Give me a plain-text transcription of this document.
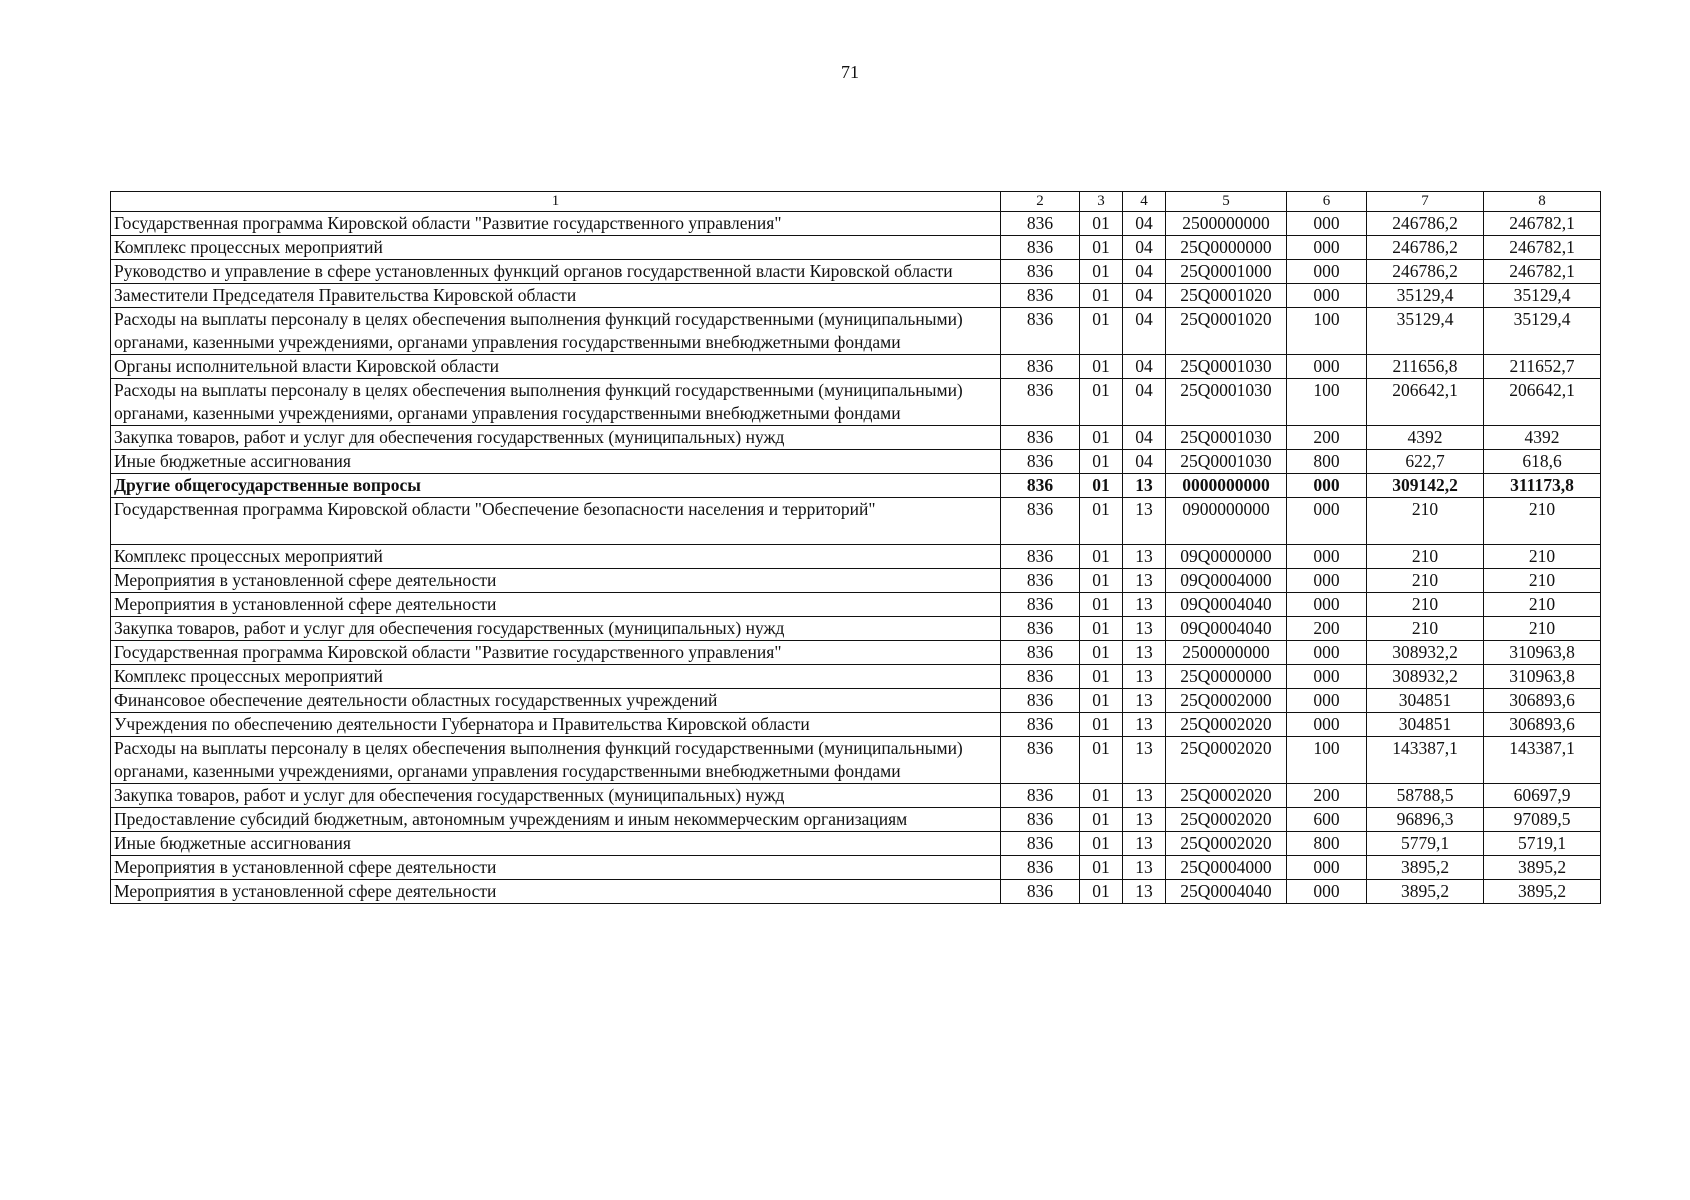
71
1	2	3	4	5	6	7	8
Государственная программа Кировской области "Развитие государственного управления"	836	01	04	2500000000	000	246786,2	246782,1
Комплекс процессных мероприятий	836	01	04	25Q0000000	000	246786,2	246782,1
Руководство и управление в сфере установленных функций органов государственной власти Кировской области	836	01	04	25Q0001000	000	246786,2	246782,1
Заместители Председателя Правительства Кировской области	836	01	04	25Q0001020	000	35129,4	35129,4
Расходы на выплаты персоналу в целях обеспечения выполнения функций государственными (муниципальными) органами, казенными учреждениями, органами управления государственными внебюджетными фондами	836	01	04	25Q0001020	100	35129,4	35129,4
Органы исполнительной власти Кировской области	836	01	04	25Q0001030	000	211656,8	211652,7
Расходы на выплаты персоналу в целях обеспечения выполнения функций государственными (муниципальными) органами, казенными учреждениями, органами управления государственными внебюджетными фондами	836	01	04	25Q0001030	100	206642,1	206642,1
Закупка товаров, работ и услуг для обеспечения государственных (муниципальных) нужд	836	01	04	25Q0001030	200	4392	4392
Иные бюджетные ассигнования	836	01	04	25Q0001030	800	622,7	618,6
Другие общегосударственные вопросы	836	01	13	0000000000	000	309142,2	311173,8
Государственная программа Кировской области "Обеспечение безопасности населения и территорий"	836	01	13	0900000000	000	210	210
Комплекс процессных мероприятий	836	01	13	09Q0000000	000	210	210
Мероприятия в установленной сфере деятельности	836	01	13	09Q0004000	000	210	210
Мероприятия в установленной сфере деятельности	836	01	13	09Q0004040	000	210	210
Закупка товаров, работ и услуг для обеспечения государственных (муниципальных) нужд	836	01	13	09Q0004040	200	210	210
Государственная программа Кировской области "Развитие государственного управления"	836	01	13	2500000000	000	308932,2	310963,8
Комплекс процессных мероприятий	836	01	13	25Q0000000	000	308932,2	310963,8
Финансовое обеспечение деятельности областных государственных учреждений	836	01	13	25Q0002000	000	304851	306893,6
Учреждения по обеспечению деятельности Губернатора и Правительства Кировской области	836	01	13	25Q0002020	000	304851	306893,6
Расходы на выплаты персоналу в целях обеспечения выполнения функций государственными (муниципальными) органами, казенными учреждениями, органами управления государственными внебюджетными фондами	836	01	13	25Q0002020	100	143387,1	143387,1
Закупка товаров, работ и услуг для обеспечения государственных (муниципальных) нужд	836	01	13	25Q0002020	200	58788,5	60697,9
Предоставление субсидий бюджетным, автономным учреждениям и иным некоммерческим организациям	836	01	13	25Q0002020	600	96896,3	97089,5
Иные бюджетные ассигнования	836	01	13	25Q0002020	800	5779,1	5719,1
Мероприятия в установленной сфере деятельности	836	01	13	25Q0004000	000	3895,2	3895,2
Мероприятия в установленной сфере деятельности	836	01	13	25Q0004040	000	3895,2	3895,2
